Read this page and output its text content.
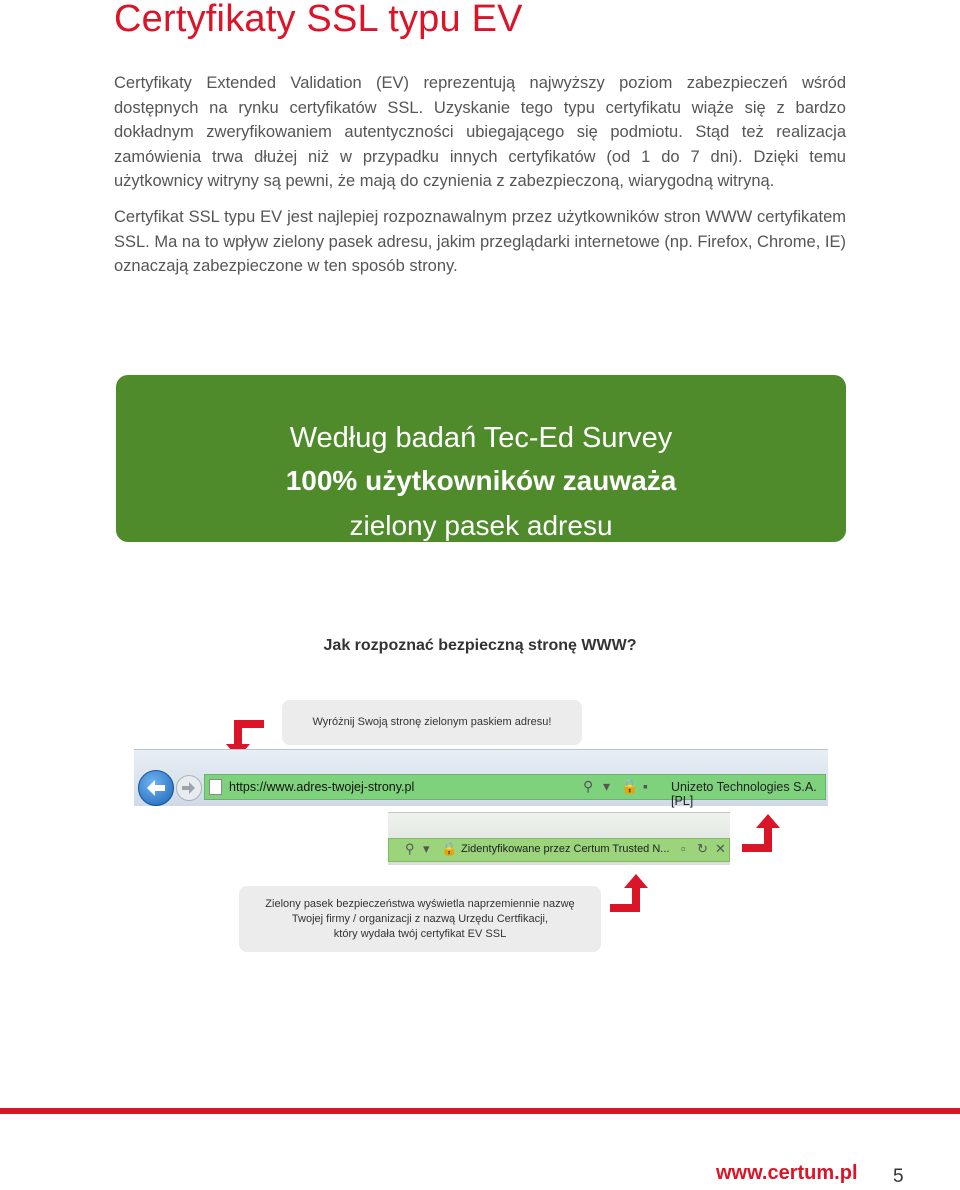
Certyfikaty SSL typu EV

Certyfikaty Extended Validation (EV) reprezentują najwyższy poziom zabezpieczeń wśród dostępnych na rynku certyfikatów SSL. Uzyskanie tego typu certyfikatu wiąże się z bardzo dokładnym zweryfikowaniem autentyczności ubiegającego się podmiotu. Stąd też realizacja zamówienia trwa dłużej niż w przypadku innych certyfikatów (od 1 do 7 dni). Dzięki temu użytkownicy witryny są pewni, że mają do czynienia z zabezpieczoną, wiarygodną witryną.

Certyfikat SSL typu EV jest najlepiej rozpoznawalnym przez użytkowników stron WWW certyfikatem SSL. Ma na to wpływ zielony pasek adresu, jakim przeglądarki internetowe (np. Firefox, Chrome, IE) oznaczają zabezpieczone w ten sposób strony.

Według badań Tec-Ed Survey

100% użytkowników zauważa

zielony pasek adresu

Jak rozpoznać bezpieczną stronę WWW?

Wyróżnij Swoją stronę zielonym paskiem adresu!
https://www.adres-twojej-strony.pl	⚲ ▾ 🔒 ▪ Unizeto Technologies S.A. [PL]
⚲ ▾ 🔒 Zidentyfikowane przez Certum Trusted N... ▫ ↻ ✕
Zielony pasek bezpieczeństwa wyświetla naprzemiennie nazwę
Twojej firmy / organizacji z nazwą Urzędu Certfikacji,
który wydała twój certyfikat EV SSL

www.certum.pl 5
